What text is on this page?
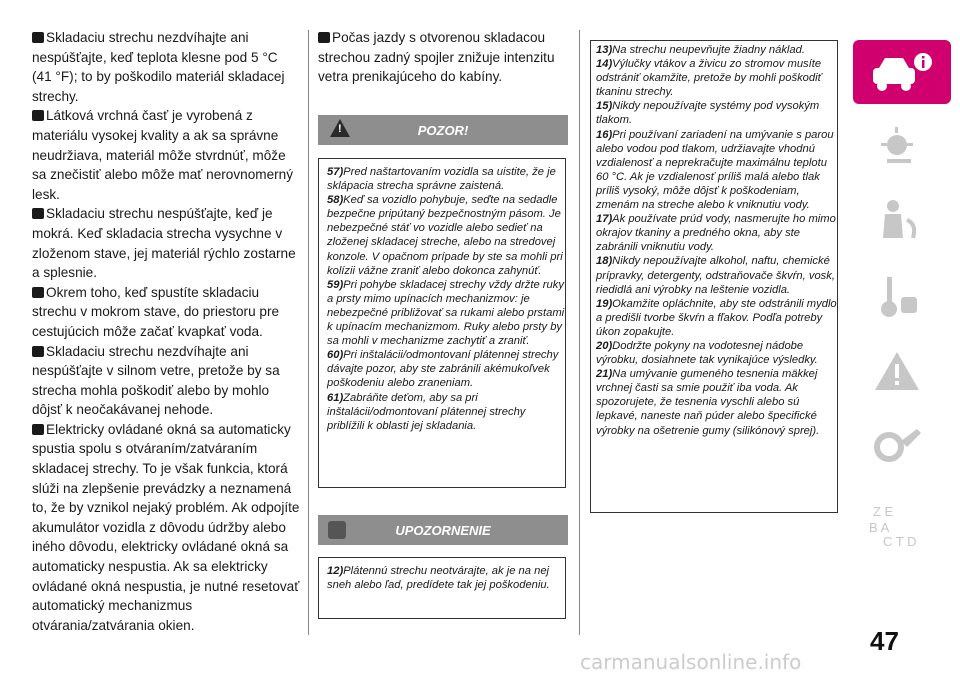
Skladaciu strechu nezdvíhajte ani nespúšťajte, keď teplota klesne pod 5 °C (41 °F); to by poškodilo materiál skladacej strechy.

Látková vrchná časť je vyrobená z materiálu vysokej kvality a ak sa správne neudržiava, materiál môže stvrdnúť, môže sa znečistiť alebo môže mať nerovnomerný lesk.

Skladaciu strechu nespúšťajte, keď je mokrá. Keď skladacia strecha vysychne v zloženom stave, jej materiál rýchlo zostarne a splesnie.

Okrem toho, keď spustíte skladaciu strechu v mokrom stave, do priestoru pre cestujúcich môže začať kvapkať voda.

Skladaciu strechu nezdvíhajte ani nespúšťajte v silnom vetre, pretože by sa strecha mohla poškodiť alebo by mohlo dôjsť k neočakávanej nehode.

Elektricky ovládané okná sa automaticky spustia spolu s otváraním/zatváraním skladacej strechy. To je však funkcia, ktorá slúži na zlepšenie prevádzky a neznamená to, že by vznikol nejaký problém. Ak odpojíte akumulátor vozidla z dôvodu údržby alebo iného dôvodu, elektricky ovládané okná sa automaticky nespustia. Ak sa elektricky ovládané okná nespustia, je nutné resetovať automatický mechanizmus otvárania/zatvárania okien.

Počas jazdy s otvorenou skladacou strechou zadný spojler znižuje intenzitu vetra prenikajúceho do kabíny.
!	POZOR!

57)Pred naštartovaním vozidla sa uistite, že je sklápacia strecha správne zaistená.

58)Keď sa vozidlo pohybuje, seďte na sedadle bezpečne pripútaný bezpečnostným pásom. Je nebezpečné stáť vo vozidle alebo sedieť na zloženej skladacej streche, alebo na stredovej konzole. V opačnom prípade by ste sa mohli pri kolízii vážne zraniť alebo dokonca zahynúť.

59)Pri pohybe skladacej strechy vždy držte ruky a prsty mimo upínacích mechanizmov: je nebezpečné približovať sa rukami alebo prstami k upínacím mechanizmom. Ruky alebo prsty by sa mohli v mechanizme zachytiť a zraniť.

60)Pri inštalácii/odmontovaní plátennej strechy dávajte pozor, aby ste zabránili akémukoľvek poškodeniu alebo zraneniam.

61)Zabráňte deťom, aby sa pri inštalácii/odmontovaní plátennej strechy priblížili k oblasti jej skladania.

UPOZORNENIE

12)Plátennú strechu neotvárajte, ak je na nej sneh alebo ľad, predídete tak jej poškodeniu.

13)Na strechu neupevňujte žiadny náklad.

14)Výlučky vtákov a živicu zo stromov musíte odstrániť okamžite, pretože by mohli poškodiť tkaninu strechy.

15)Nikdy nepoužívajte systémy pod vysokým tlakom.

16)Pri používaní zariadení na umývanie s parou alebo vodou pod tlakom, udržiavajte vhodnú vzdialenosť a neprekračujte maximálnu teplotu 60 °C. Ak je vzdialenosť príliš malá alebo tlak príliš vysoký, môže dôjsť k poškodeniam, zmenám na streche alebo k vniknutiu vody.

17)Ak používate prúd vody, nasmerujte ho mimo okrajov tkaniny a predného okna, aby ste zabránili vniknutiu vody.

18)Nikdy nepoužívajte alkohol, naftu, chemické prípravky, detergenty, odstraňovače škvŕn, vosk, riedidlá ani výrobky na leštenie vozidla.

19)Okamžite opláchnite, aby ste odstránili mydlo a predišli tvorbe škvŕn a fľakov. Podľa potreby úkon zopakujte.

20)Dodržte pokyny na vodotesnej nádobe výrobku, dosiahnete tak vynikajúce výsledky.

21)Na umývanie gumeného tesnenia mäkkej vrchnej časti sa smie použiť iba voda. Ak spozorujete, že tesnenia vyschli alebo sú lepkavé, naneste naň púder alebo špecifické výrobky na ošetrenie gumy (silikónový sprej).

Z E
B A
C T D
47
carmanualsonline.info
